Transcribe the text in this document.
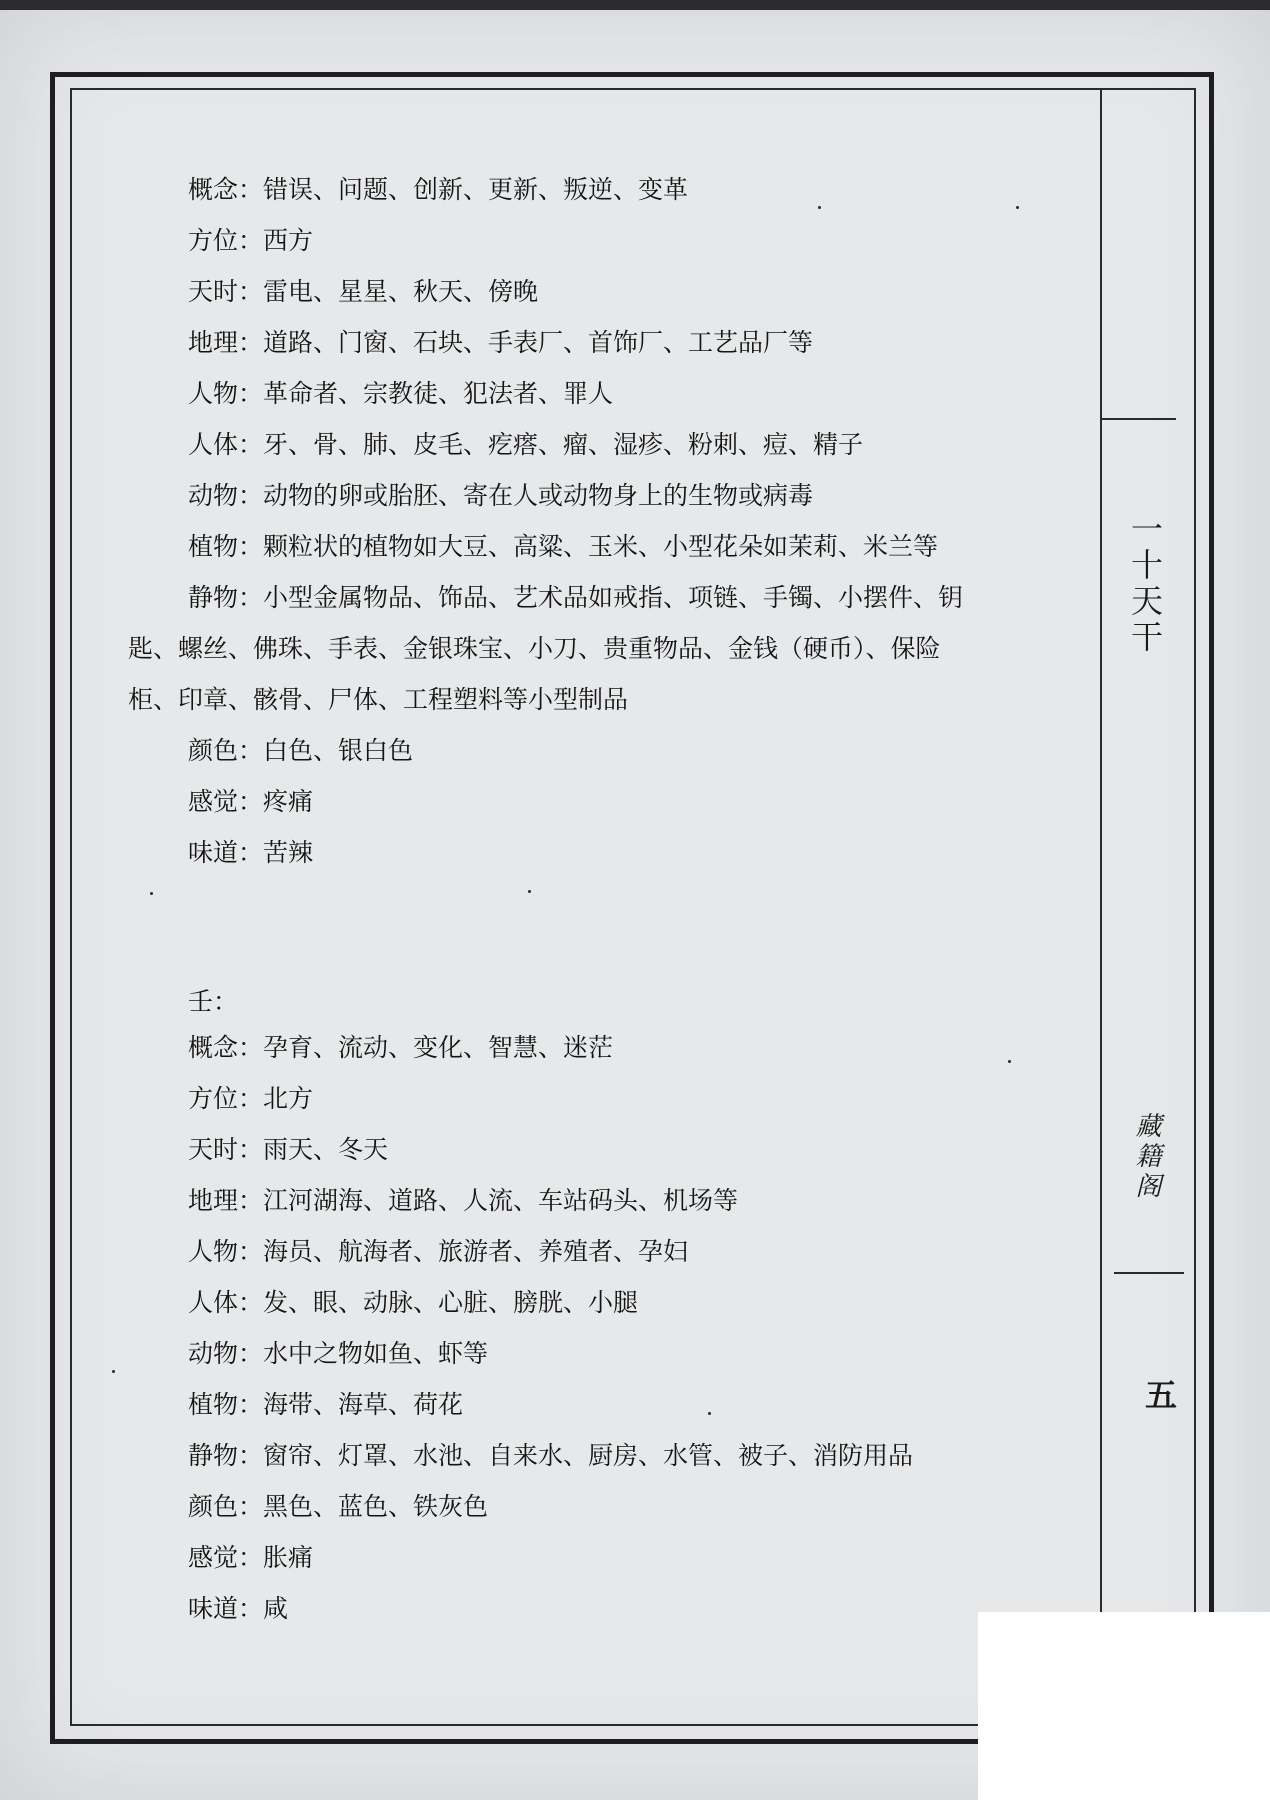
一十天干
藏籍阁
五
概念：错误、问题、创新、更新、叛逆、变革
方位：西方
天时：雷电、星星、秋天、傍晚
地理：道路、门窗、石块、手表厂、首饰厂、工艺品厂等
人物：革命者、宗教徒、犯法者、罪人
人体：牙、骨、肺、皮毛、疙瘩、瘤、湿疹、粉刺、痘、精子
动物：动物的卵或胎胚、寄在人或动物身上的生物或病毒
植物：颗粒状的植物如大豆、高粱、玉米、小型花朵如茉莉、米兰等
静物：小型金属物品、饰品、艺术品如戒指、项链、手镯、小摆件、钥
匙、螺丝、佛珠、手表、金银珠宝、小刀、贵重物品、金钱（硬币）、保险
柜、印章、骸骨、尸体、工程塑料等小型制品
颜色：白色、银白色
感觉：疼痛
味道：苦辣
壬：
概念：孕育、流动、变化、智慧、迷茫
方位：北方
天时：雨天、冬天
地理：江河湖海、道路、人流、车站码头、机场等
人物：海员、航海者、旅游者、养殖者、孕妇
人体：发、眼、动脉、心脏、膀胱、小腿
动物：水中之物如鱼、虾等
植物：海带、海草、荷花
静物：窗帘、灯罩、水池、自来水、厨房、水管、被子、消防用品
颜色：黑色、蓝色、铁灰色
感觉：胀痛
味道：咸
